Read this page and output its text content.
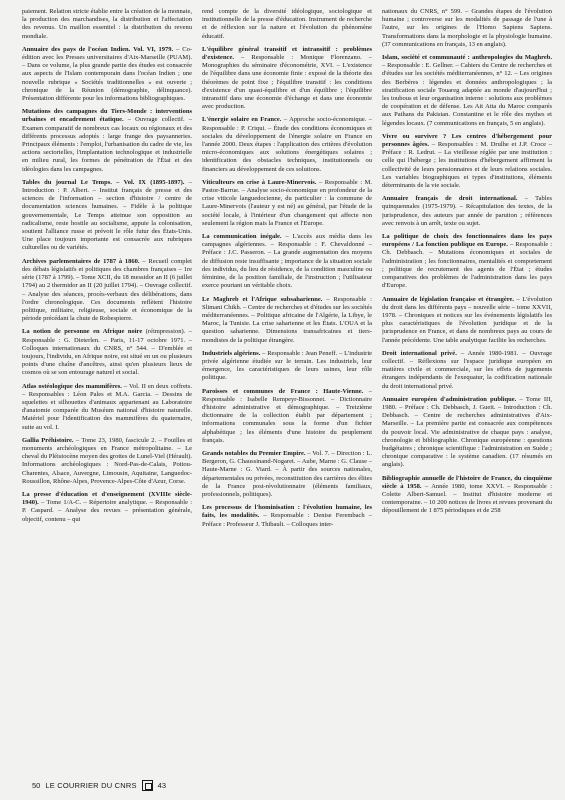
paiement. Relation stricte établie entre la création de la monnaie, la production des marchandises, la distribution et l'affectation des revenus. Un maillon essentiel : la distribution du revenu mondiale.

Annuaire des pays de l'océan Indien. Vol. VI, 1979. – Co-édition avec les Presses universitaires d'Aix-Marseille (PUAM). – Dans ce volume, la plus grande partie des études est consacrée aux aspects de l'Islam contemporain dans l'océan Indien ; une nouvelle rubrique « Sociétés traditionnelles » est ouverte ; chronique de la Réunion (démographie, délinquance). Présentation différente pour les informations bibliographiques.

Mutations des campagnes du Tiers-Monde : interventions urbaines et encadrement étatique. – Ouvrage collectif. – Examen comparatif de nombreux cas locaux ou régionaux et des différents processus adoptés : large frange des paysanneries. Principaux éléments : l'emploi, l'urbanisation du cadre de vie, les actions sectorielles, l'implantation technologique et industrielle en milieu rural, les formes de pénétration de l'État et des idéologies dans les campagnes.

Tables du journal Le Temps. – Vol. IX (1895-1897). – Introduction : P. Albert. – Institut français de presse et des sciences de l'information – section d'histoire / centre de documentation sciences humaines. – Fidèle à la politique gouvernementale, Le Temps atteinue son opposition au radicalisme, reste hostile au socialisme, appuie la colonisation, soutient l'alliance russe et prévoit le rôle futur des États-Unis. Une place toujours importante est consacrée aux rubriques culturelles ou de variétés.

Archives parlementaires de 1787 à 1860. – Recueil complet des débats législatifs et politiques des chambres françaises – 1re série (1787 à 1799). – Tome XCII, du 18 messidor an II (6 juillet 1794) au 2 thermidor an II (20 juillet 1794). – Ouvrage collectif. – Analyse des séances, procès-verbaux des délibérations, dans l'ordre chronologique. Ces documents reflètent l'histoire politique, militaire, religieuse, sociale et économique de la période précédant la chute de Robespierre.

La notion de personne en Afrique noire (réimpression). – Responsable : G. Dieterlen. – Paris, 11-17 octobre 1971. – Colloques internationaux du CNRS, n° 544. – D'emblée et toujours, l'individu, en Afrique noire, est situé en un ou plusieurs points d'une chaîne d'ancêtres, ainsi qu'en plusieurs lieux de cosmos où se son entourage naturel et social.

Atlas ostéologique des mammifères. – Vol. II en deux coffrets. – Responsables : Léon Pales et M.A. Garcia. – Dessins de squelettes et silhouettes d'animaux appartenant au Laboratoire d'anatomie comparée du Muséum national d'histoire naturelle. Matériel pour l'identification des mammifères du quaternaire, suite au vol. I.

Gallia Préhistoire. – Tome 23, 1980, fascicule 2. – Fouilles et monuments archéologiques en France métropolitaine. – Le cheval du Pléistocène moyen des grottes de Lunel-Viel (Hérault). Informations archéologiques : Nord-Pas-de-Calais, Poitou-Charentes, Alsace, Auvergne, Limousin, Aquitaine, Languedoc-Roussillon, Rhône-Alpes, Provence-Alpes-Côte d'Azur, Corse.

La presse d'éducation et d'enseignement (XVIIIe siècle-1940). – Tome 1/A-C. – Répertoire analytique. – Responsable : P. Caspard. – Analyse des revues – présentation générale, objectif, contenu – qui

rend compte de la diversité idéologique, sociologique et institutionnelle de la presse d'éducation. Instrument de recherche et de réflexion sur la nature et l'évolution du phénomène éducatif.

L'équilibre général transitif et intransitif : problèmes d'existence. – Responsable : Monique Florenzano. – Monographies du séminaire d'économétrie, XVI. – L'existence de l'équilibre dans une économie finie : exposé de la théorie des théorèmes de point fixe ; l'équilibre transitif : les conditions d'existence d'un quasi-équilibre et d'un équilibre ; l'équilibre intransitif dans une économie d'échange et dans une économie avec production.

L'énergie solaire en France. – Approche socio-économique. – Responsable : P. Criqui. – Étude des conditions économiques et sociales du développement de l'énergie solaire en France en l'année 2000. Deux étapes : l'application des critères d'évolution micro-économiques aux solutions énergétiques solaires ; identification des obstacles techniques, institutionnels ou financiers au développement de ces solutions.

Viticulteurs en crise à Laure-Minervois. – Responsable : M. Pastor-Barrue. – Analyse socio-économique en profondeur de la crise viticole languedocienne, du particulier : la commune de Laure-Minervois (l'auteur y est né) au général, par l'étude de la société locale, à l'intérieur d'un changement qui affecte non seulement la région mais la France et l'Europe.

La communication inégale. – L'accès aux média dans les campagnes algériennes. – Responsable : F. Chevaldonné – Préface : J.C. Passeron. – La grande augmentation des moyens de diffusion reste insuffisante ; importance de la situation sociale des individus, du lieu de résidence, de la condition masculine ou féminine, de la position familiale, de l'instruction ; l'utilisateur exerce pourtant un véritable choix.

Le Maghreb et l'Afrique subsaharienne. – Responsable : Slimani Chikh. – Centre de recherches et d'études sur les sociétés méditerranéennes. – Politique africaine de l'Algérie, la Libye, le Maroc, la Tunisie. La crise saharienne et les États. L'OUA et la question saharienne. Dimensions transafricaines et tiers-mondistes de la politique étrangère.

Industriels algériens. – Responsable : Jean Peneff. – L'industrie privée algérienne étudiée sur le terrain. Les industriels, leur émergence, les caractéristiques de leurs usines, leur rôle politique.

Paroisses et communes de France : Haute-Vienne. – Responsable : Isabelle Rempeyr-Bissonnet. – Dictionnaire d'histoire administrative et démographique. – Treizième dictionnaire de la collection établi par département ; informations communales sous la forme d'un fichier alphabétique ; les éléments d'une histoire du peuplement français.

Grands notables du Premier Empire. – Vol. 7. – Direction : L. Bergeron, G. Chaussinand-Nogaret. – Aube, Marne : G. Clause – Haute-Marne : G. Viard. – À partir des sources nationales, départementales ou privées, reconstitution des carrières des élites de la France post-révolutionnaire (éléments familiaux, professionnels, politiques).

Les processus de l'hominisation : l'évolution humaine, les faits, les modalités. – Responsable : Denise Ferembach – Préface : Professeur J. Thibault. – Colloques inter-

nationaux du CNRS, n° 599. – Grandes étapes de l'évolution humaine ; controverse sur les modalités de passage de l'une à l'autre, sur les origines de l'Homo Sapiens Sapiens. Transformations dans la morphologie et la physiologie humaine. (37 communications en français, 13 en anglais).

Islam, société et communauté : anthropologies du Maghreb. – Responsable : E. Gellner. – Cahiers du Centre de recherches et d'études sur les sociétés méditerranéennes, n° 12. – Les origines des Berbères : légendes et données anthropologiques ; la stratification sociale Touareg adaptée au monde d'aujourd'hui ; les toubous et leur organisation interne : solutions aux problèmes de coopération et de défense. Les Ait Atta du Maroc comparés aux Pathans du Pakistan. Constantine et le rôle des mythes et légendes locaux. (7 communications en français, 5 en anglais).

Vivre ou survivre ? Les centres d'hébergement pour personnes âgées. – Responsables : M. Drulhe et J.P. Croce – Préface : R. Ledrut. – La vieillesse réglée par une institution : celle qui l'héberge ; les institutions d'hébergement affirment la collectivité de leurs pensionnaires et de leurs relations sociales. Les variables biographiques et types d'institutions, éléments déterminants de la vie sociale.

Annuaire français de droit international. – Tables quinquennales (1975-1979). – Récapitulation des textes, de la jurisprudence, des auteurs par année de parution ; références avec renvois à un arrêt, texte ou sujet.

La politique de choix des fonctionnaires dans les pays européens / La fonction publique en Europe. – Responsable : Ch. Debbasch. – Mutations économiques et sociales de l'administration ; les fonctionnaires, mentalités et comportement ; politique de recrutement des agents de l'État ; études comparatives des problèmes de l'administration dans les pays d'Europe.

Annuaire de législation française et étrangère. – L'évolution du droit dans les différents pays – nouvelle série – tome XXVII, 1978. – Chroniques et notices sur les événements législatifs les plus caractéristiques de l'évolution juridique et de la jurisprudence en France, et dans de nombreux pays au cours de l'année précédente. Une table analytique facilite les recherches.

Droit international privé. – Année 1980-1981. – Ouvrage collectif. – Réflexions sur l'espace juridique européen en matières civile et commerciale, sur les effets de jugements étrangers indépendants de l'exequatur, la codification nationale du droit international privé.

Annuaire européen d'administration publique. – Tome III, 1980. – Préface : Ch. Debbasch, J. Gueit. – Introduction : Ch. Debbasch. – Centre de recherches administratives d'Aix-Marseille. – La première partie est consacrée aux compétences du pouvoir local. Vie administrative de chaque pays : analyse, chronologie et bibliographie. Chronique européenne : questions budgétaires ; chronique scientifique : l'administration en Suède ; chronique comparative : le système canadien. (17 résumés en anglais).

Bibliographie annuelle de l'histoire de France, du cinquième siècle à 1958. – Année 1980, tome XXVI. – Responsable : Colette Albert-Samuel. – Institut d'histoire moderne et contemporaine. – 10 200 notices de livres et revues provenant du dépouillement de 1 875 périodiques et de 258

50 LE COURRIER DU CNRS	43
